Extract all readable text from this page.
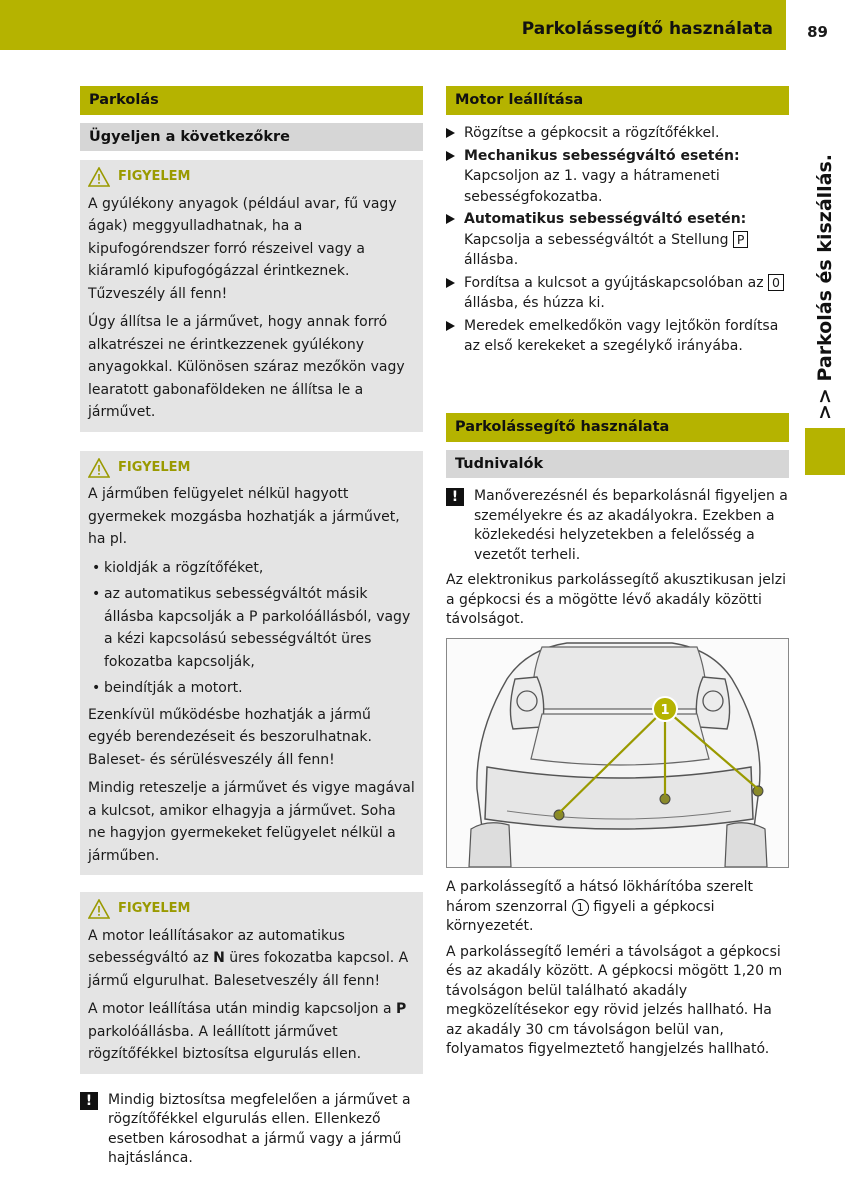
Parkolássegítő használata	89
>> Parkolás és kiszállás.
Parkolás
Ügyeljen a következőkre
FIGYELEM

A gyúlékony anyagok (például avar, fű vagy ágak) meggyulladhatnak, ha a kipufogórendszer forró részeivel vagy a kiáramló kipufogógázzal érintkeznek. Tűzveszély áll fenn!

Úgy állítsa le a járművet, hogy annak forró alkatrészei ne érintkezzenek gyúlékony anyagokkal. Különösen száraz mezőkön vagy learatott gabonaföldeken ne állítsa le a járművet.

FIGYELEM

A járműben felügyelet nélkül hagyott gyermekek mozgásba hozhatják a járművet, ha pl.

• kioldják a rögzítőféket,
• az automatikus sebességváltót másik állásba kapcsolják a P parkolóállásból, vagy a kézi kapcsolású sebességváltót üres fokozatba kapcsolják,
• beindítják a motort.

Ezenkívül működésbe hozhatják a jármű egyéb berendezéseit és beszorulhatnak. Baleset- és sérülésveszély áll fenn!

Mindig reteszelje a járművet és vigye magával a kulcsot, amikor elhagyja a járművet. Soha ne hagyjon gyermekeket felügyelet nélkül a járműben.

FIGYELEM

A motor leállításakor az automatikus sebességváltó az N üres fokozatba kapcsol. A jármű elgurulhat. Balesetveszély áll fenn!

A motor leállítása után mindig kapcsoljon a P parkolóállásba. A leállított járművet rögzítőfékkel biztosítsa elgurulás ellen.

!	Mindig biztosítsa megfelelően a járművet a rögzítőfékkel elgurulás ellen. Ellenkező esetben károsodhat a jármű vagy a jármű hajtáslánca.
Motor leállítása
Rögzítse a gépkocsit a rögzítőfékkel.
Mechanikus sebességváltó esetén: Kapcsoljon az 1. vagy a hátrameneti sebességfokozatba.
Automatikus sebességváltó esetén: Kapcsolja a sebességváltót a Stellung P állásba.
Fordítsa a kulcsot a gyújtáskapcsolóban az 0 állásba, és húzza ki.
Meredek emelkedőkön vagy lejtőkön fordítsa az első kerekeket a szegélykő irányába.
Parkolássegítő használata
Tudnivalók
!	Manőverezésnél és beparkolásnál figyeljen a személyekre és az akadályokra. Ezekben a közlekedési helyzetekben a felelősség a vezetőt terheli.

Az elektronikus parkolássegítő akusztikusan jelzi a gépkocsi és a mögötte lévő akadály közötti távolságot.

1

A parkolássegítő a hátsó lökhárítóba szerelt három szenzorral 1 figyeli a gépkocsi környezetét.

A parkolássegítő leméri a távolságot a gépkocsi és az akadály között. A gépkocsi mögött 1,20 m távolságon belül található akadály megközelítésekor egy rövid jelzés hallható. Ha az akadály 30 cm távolságon belül van, folyamatos figyelmeztető hangjelzés hallható.
